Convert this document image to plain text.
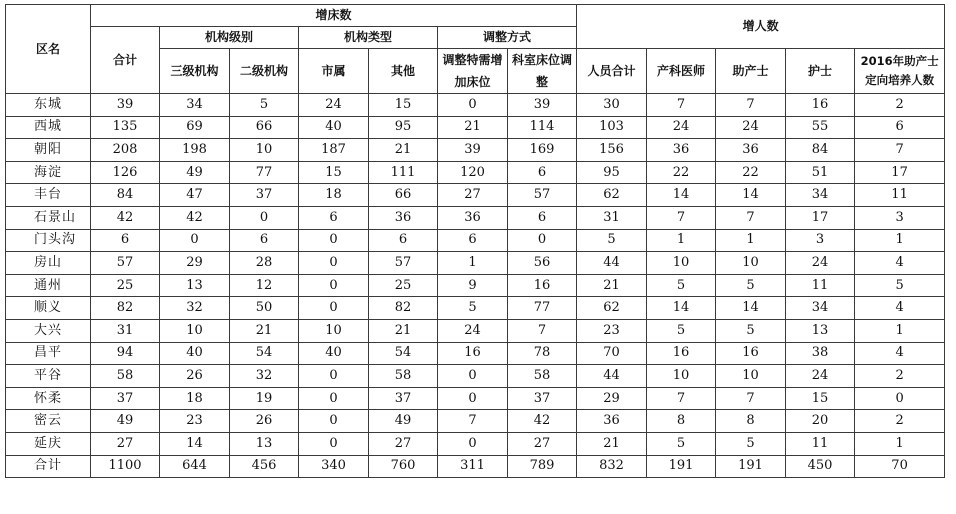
区名	增床数							增人数				
	合计	机构级别		机构类型		调整方式						
		三级机构	二级机构	市属	其他	调整特需增加床位	科室床位调整	人员合计	产科医师	助产士	护士	2016年助产士定向培养人数
东城	39	34	5	24	15	0	39	30	7	7	16	2
西城	135	69	66	40	95	21	114	103	24	24	55	6
朝阳	208	198	10	187	21	39	169	156	36	36	84	7
海淀	126	49	77	15	111	120	6	95	22	22	51	17
丰台	84	47	37	18	66	27	57	62	14	14	34	11
石景山	42	42	0	6	36	36	6	31	7	7	17	3
门头沟	6	0	6	0	6	6	0	5	1	1	3	1
房山	57	29	28	0	57	1	56	44	10	10	24	4
通州	25	13	12	0	25	9	16	21	5	5	11	5
顺义	82	32	50	0	82	5	77	62	14	14	34	4
大兴	31	10	21	10	21	24	7	23	5	5	13	1
昌平	94	40	54	40	54	16	78	70	16	16	38	4
平谷	58	26	32	0	58	0	58	44	10	10	24	2
怀柔	37	18	19	0	37	0	37	29	7	7	15	0
密云	49	23	26	0	49	7	42	36	8	8	20	2
延庆	27	14	13	0	27	0	27	21	5	5	11	1
合计	1100	644	456	340	760	311	789	832	191	191	450	70
